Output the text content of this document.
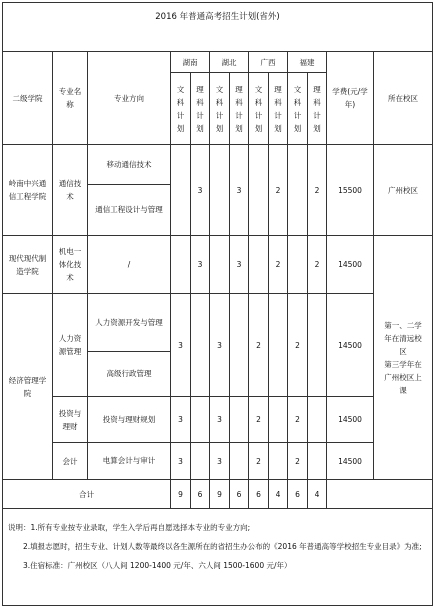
2016 年普通高考招生计划(省外)
二级学院	专业名称	专业方向	湖南		湖北		广西		福建		学费(元/学年)	所在校区
			文科计划	理科计划	文科计划	理科计划	文科计划	理科计划	文科计划	理科计划		
岭南中兴通信工程学院	通信技术	移动通信技术		3		3		2		2	15500	广州校区
		通信工程设计与管理										
现代现代制造学院	机电一体化技术	/		3		3		2		2	14500	第一、二学年在清远校区
第三学年在广州校区上课
经济管理学院	人力资源管理	人力资源开发与管理	3		3		2		2		14500	
		高级行政管理										
	投资与理财	投资与理财规划	3		3		2		2		14500	
	会计	电算会计与审计	3		3		2		2		14500	
合计			9	6	9	6	6	4	6	4		
说明：1.所有专业按专业录取，学生入学后再自愿选择本专业的专业方向;
2.填报志愿时，招生专业、计划人数等最终以各生源所在的省招生办公布的《2016 年普通高等学校招生专业目录》为准;
3.住宿标准：广州校区（八人间 1200-1400 元/年、六人间 1500-1600 元/年）
